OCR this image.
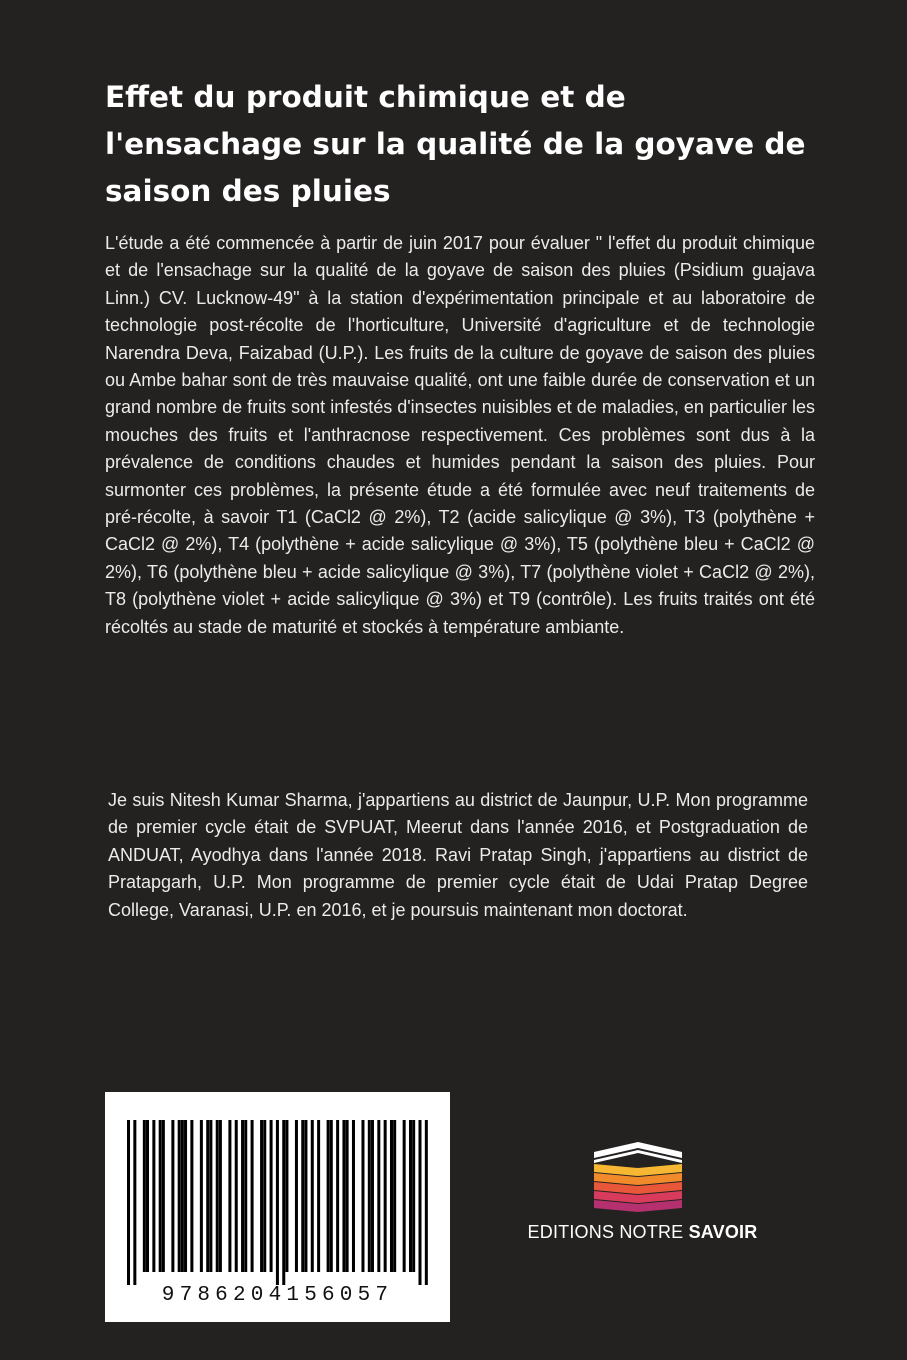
Effet du produit chimique et de l'ensachage sur la qualité de la goyave de saison des pluies

L'étude a été commencée à partir de juin 2017 pour évaluer " l'effet du produit chimique et de l'ensachage sur la qualité de la goyave de saison des pluies (Psidium guajava Linn.) CV. Lucknow-49" à la station d'expérimentation principale et au laboratoire de technologie post-récolte de l'horticulture, Université d'agriculture et de technologie Narendra Deva, Faizabad (U.P.). Les fruits de la culture de goyave de saison des pluies ou Ambe bahar sont de très mauvaise qualité, ont une faible durée de conservation et un grand nombre de fruits sont infestés d'insectes nuisibles et de maladies, en particulier les mouches des fruits et l'anthracnose respectivement. Ces problèmes sont dus à la prévalence de conditions chaudes et humides pendant la saison des pluies. Pour surmonter ces problèmes, la présente étude a été formulée avec neuf traitements de pré-récolte, à savoir T1 (CaCl2 @ 2%), T2 (acide salicylique @ 3%), T3 (polythène + CaCl2 @ 2%), T4 (polythène + acide salicylique @ 3%), T5 (polythène bleu + CaCl2 @ 2%), T6 (polythène bleu + acide salicylique @ 3%), T7 (polythène violet + CaCl2 @ 2%), T8 (polythène violet + acide salicylique @ 3%) et T9 (contrôle). Les fruits traités ont été récoltés au stade de maturité et stockés à température ambiante.

Je suis Nitesh Kumar Sharma, j'appartiens au district de Jaunpur, U.P. Mon programme de premier cycle était de SVPUAT, Meerut dans l'année 2016, et Postgraduation de ANDUAT, Ayodhya dans l'année 2018. Ravi Pratap Singh, j'appartiens au district de Pratapgarh, U.P. Mon programme de premier cycle était de Udai Pratap Degree College, Varanasi, U.P. en 2016, et je poursuis maintenant mon doctorat.

9786204156057
EDITIONS NOTRE SAVOIR
